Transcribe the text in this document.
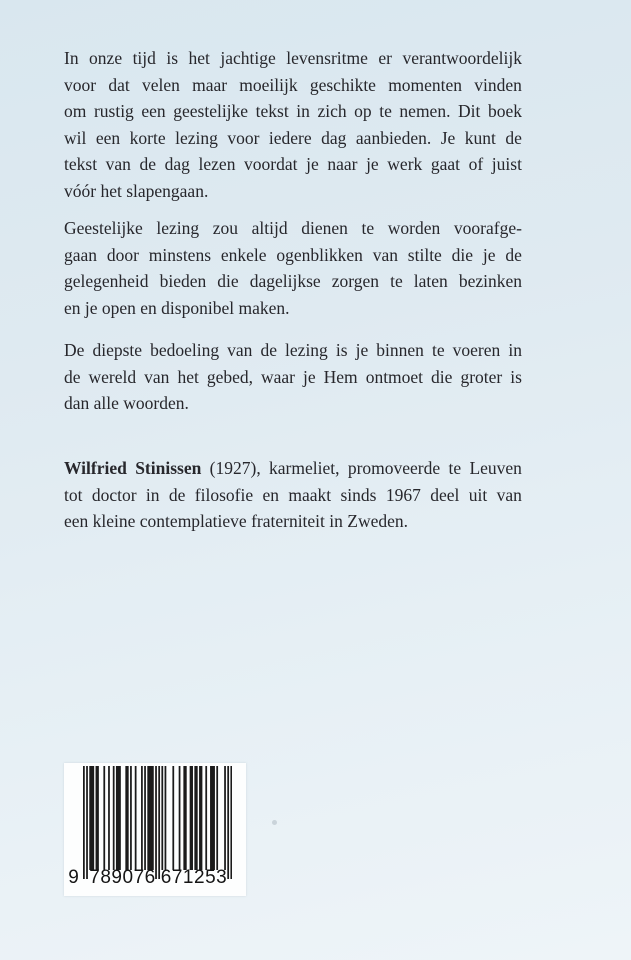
In onze tijd is het jachtige levensritme er verantwoordelijk
voor dat velen maar moeilijk geschikte momenten vinden
om rustig een geestelijke tekst in zich op te nemen. Dit boek
wil een korte lezing voor iedere dag aanbieden. Je kunt de
tekst van de dag lezen voordat je naar je werk gaat of juist
vóór het slapengaan.
Geestelijke lezing zou altijd dienen te worden voorafge-
gaan door minstens enkele ogenblikken van stilte die je de
gelegenheid bieden die dagelijkse zorgen te laten bezinken
en je open en disponibel maken.
De diepste bedoeling van de lezing is je binnen te voeren in
de wereld van het gebed, waar je Hem ontmoet die groter is
dan alle woorden.
Wilfried Stinissen (1927), karmeliet, promoveerde te Leuven
tot doctor in de filosofie en maakt sinds 1967 deel uit van
een kleine contemplatieve fraterniteit in Zweden.
9 789076 671253
